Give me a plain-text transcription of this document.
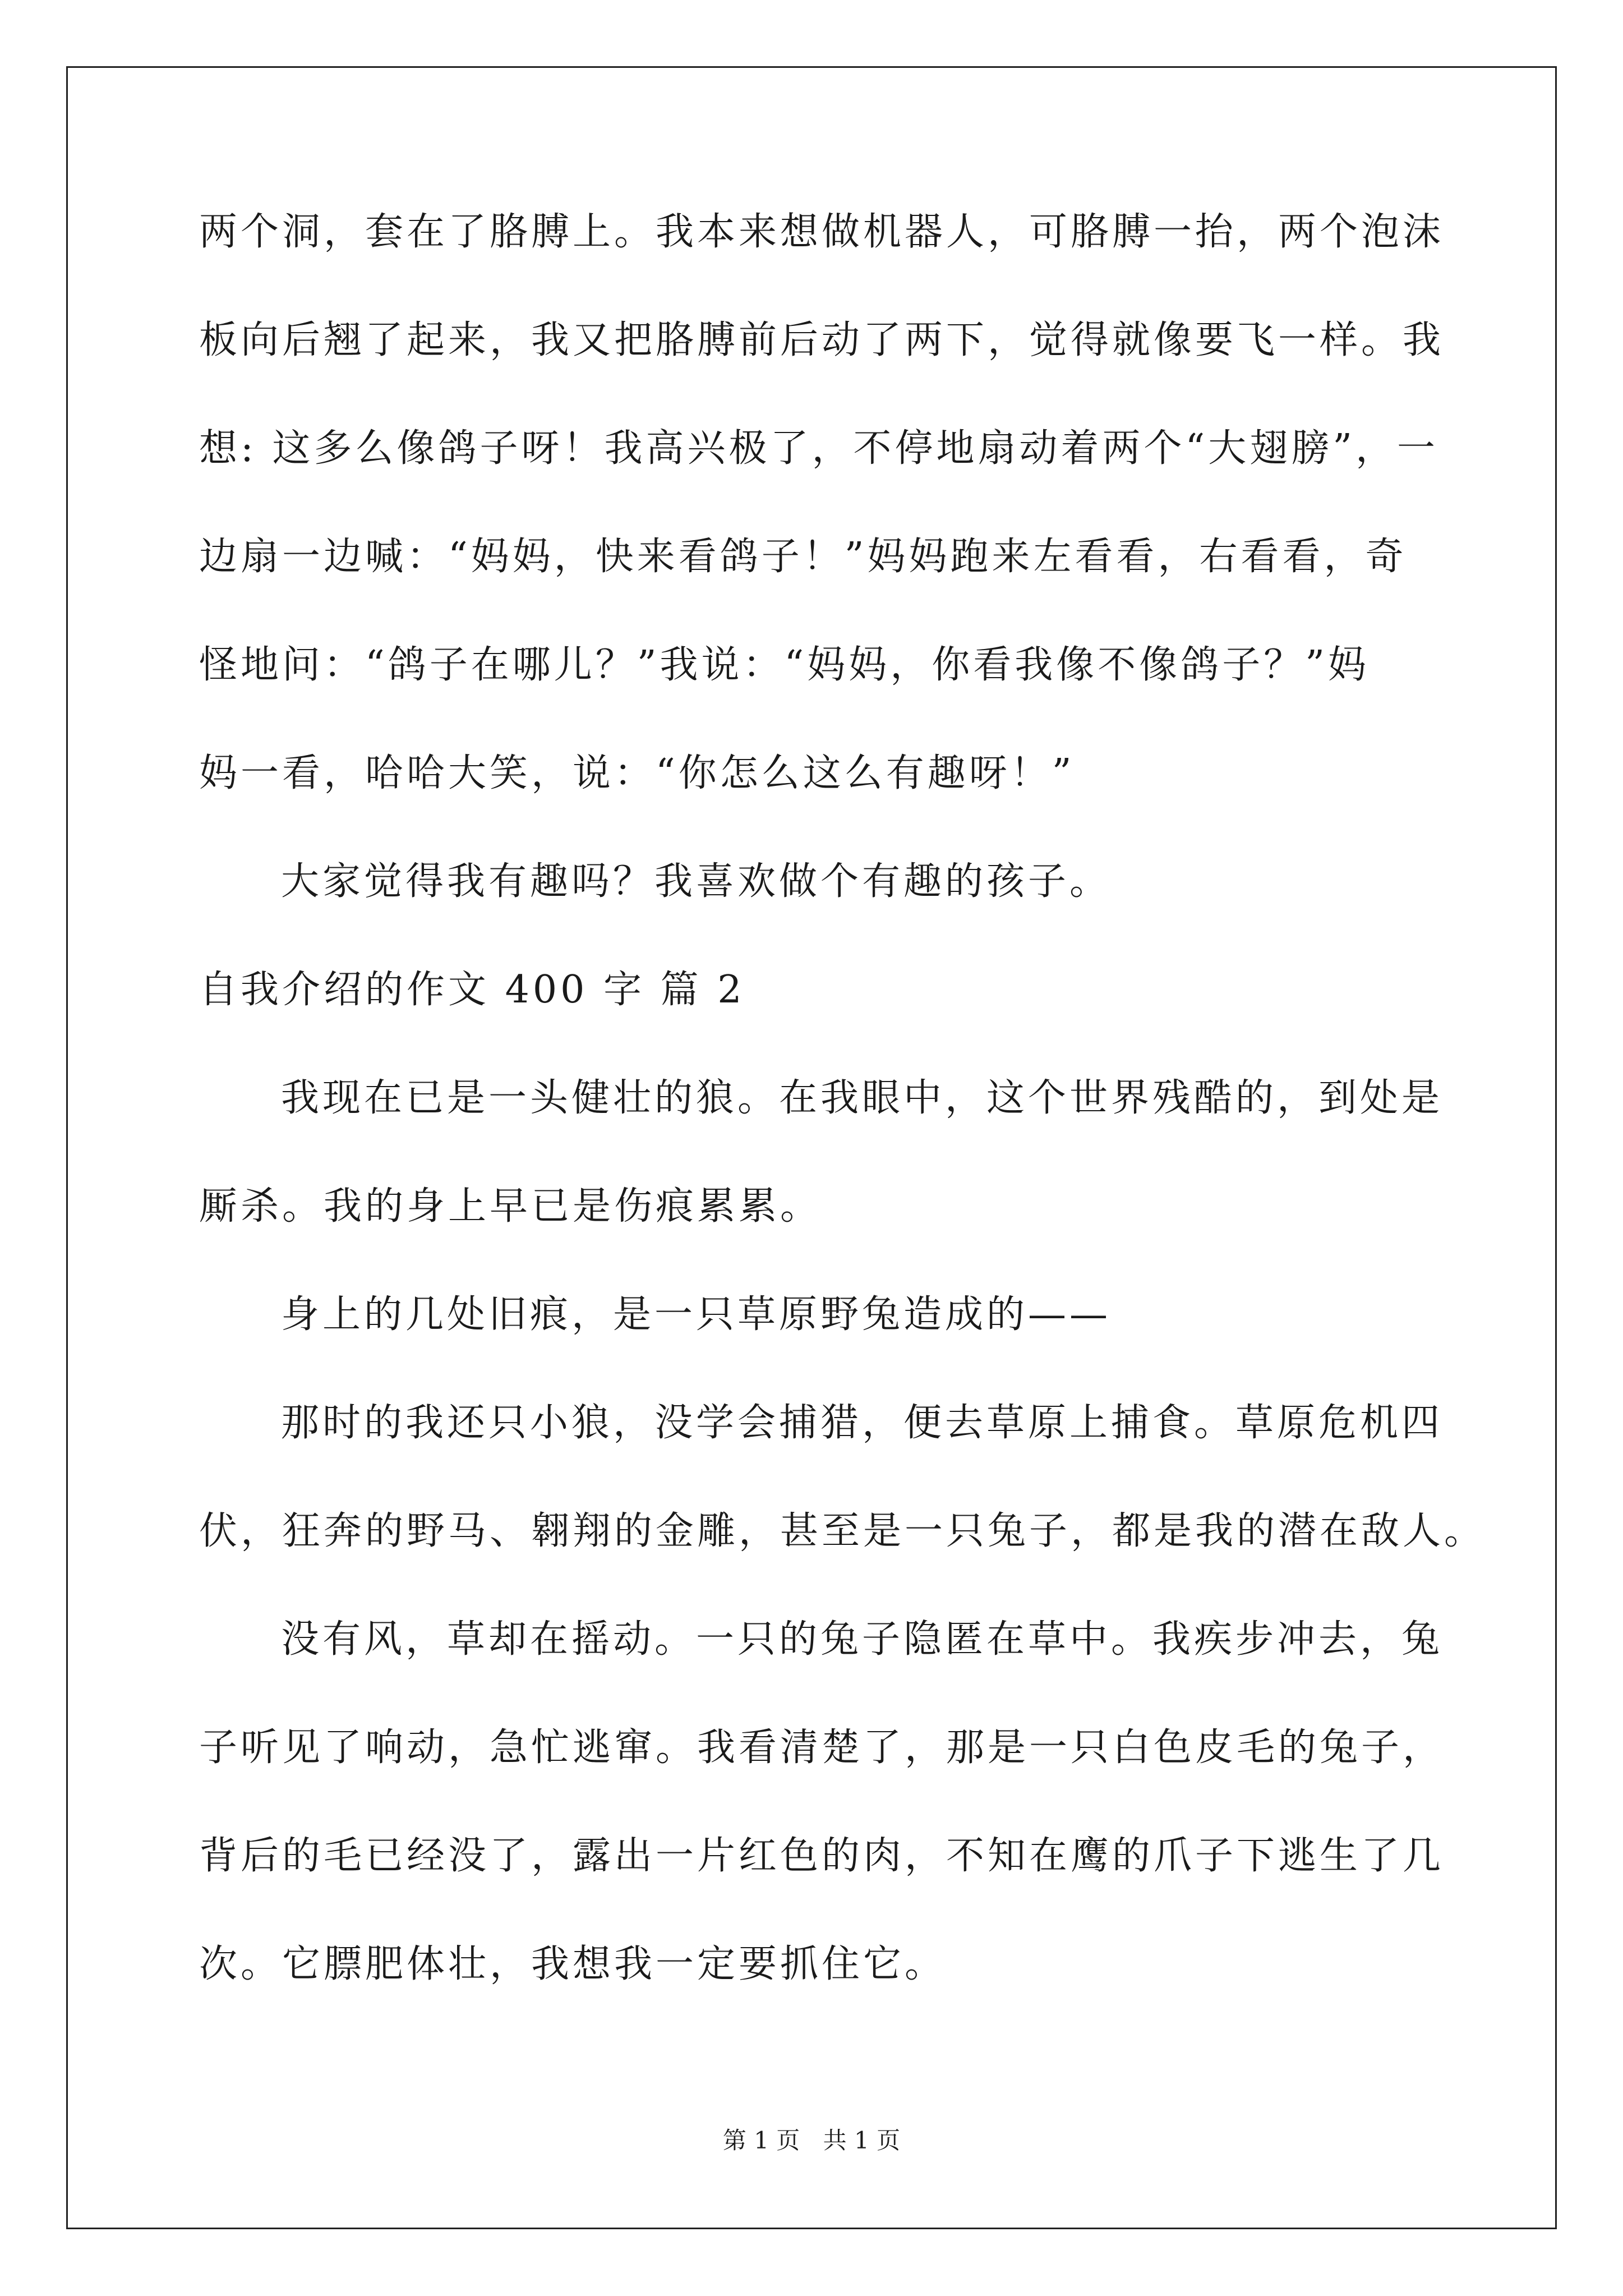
两个洞，套在了胳膊上。我本来想做机器人，可胳膊一抬，两个泡沫

板向后翘了起来，我又把胳膊前后动了两下，觉得就像要飞一样。我

想: 这多么像鸽子呀！我高兴极了，不停地扇动着两个“大翅膀”，一

边扇一边喊：“妈妈，快来看鸽子！”妈妈跑来左看看，右看看，奇

怪地问：“鸽子在哪儿？”我说：“妈妈，你看我像不像鸽子？”妈

妈一看，哈哈大笑，说：“你怎么这么有趣呀！”

大家觉得我有趣吗？我喜欢做个有趣的孩子。

自我介绍的作文 400 字 篇 2

我现在已是一头健壮的狼。在我眼中，这个世界残酷的，到处是

厮杀。我的身上早已是伤痕累累。

身上的几处旧痕，是一只草原野兔造成的——

那时的我还只小狼，没学会捕猎，便去草原上捕食。草原危机四

伏，狂奔的野马、翱翔的金雕，甚至是一只兔子，都是我的潜在敌人。

没有风，草却在摇动。一只的兔子隐匿在草中。我疾步冲去，兔

子听见了响动，急忙逃窜。我看清楚了，那是一只白色皮毛的兔子，

背后的毛已经没了，露出一片红色的肉，不知在鹰的爪子下逃生了几

次。它膘肥体壮，我想我一定要抓住它。

第 1 页 共 1 页
